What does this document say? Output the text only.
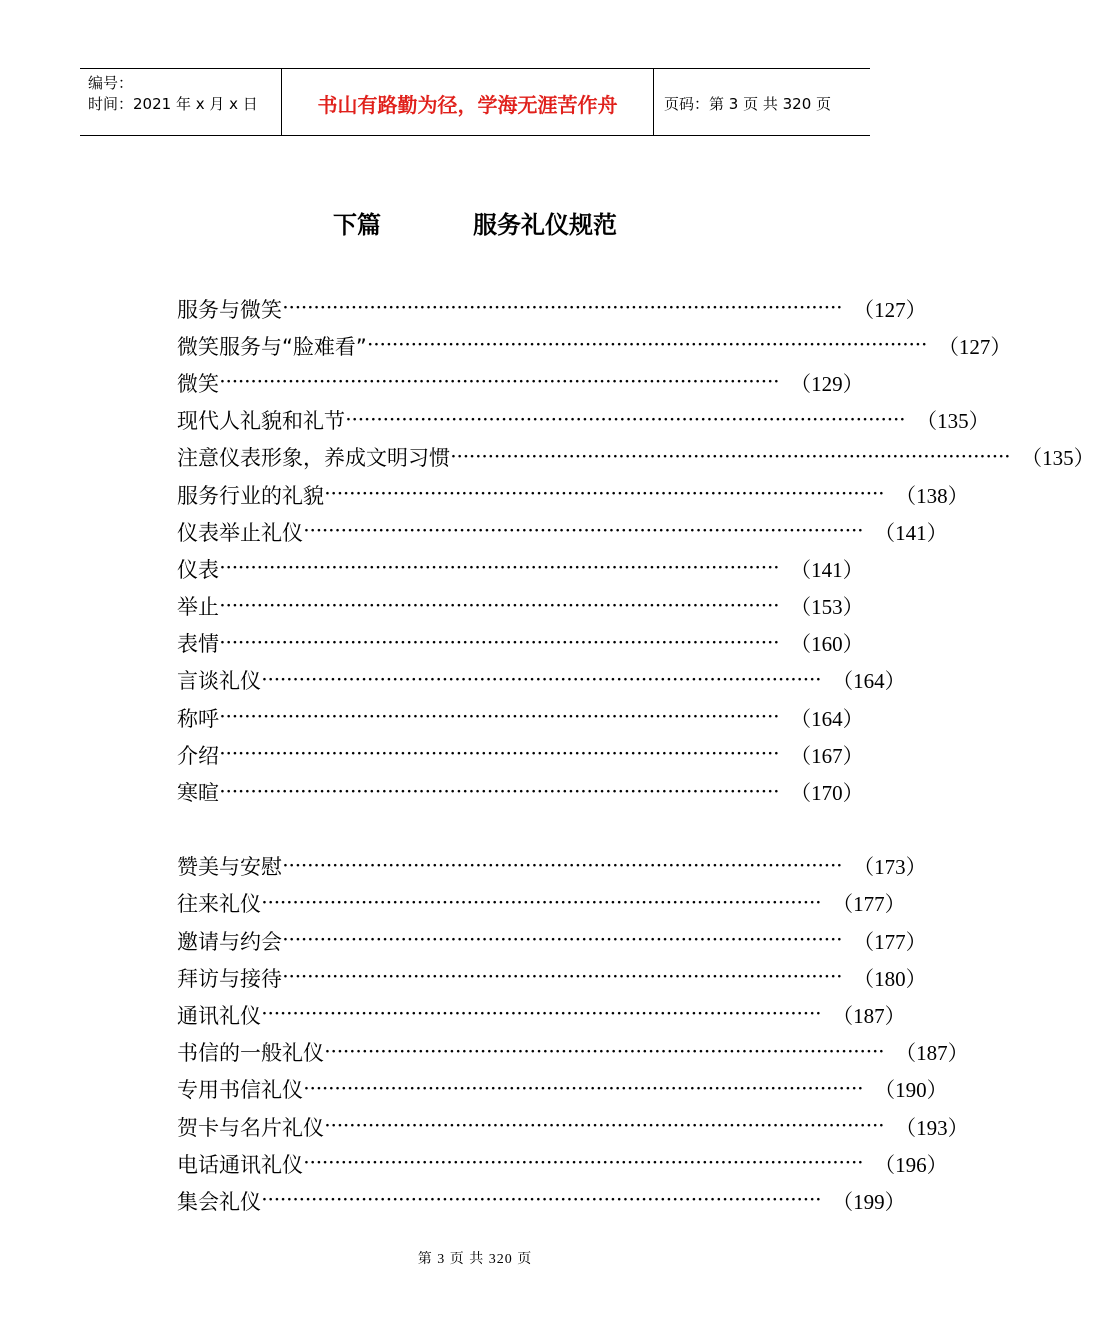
编号：
时间：2021 年 x 月 x 日	书山有路勤为径，学海无涯苦作舟	页码：第 3 页 共 320 页
下篇	服务礼仪规范
服务与微笑 ·························································································· （127）
微笑服务与“脸难看” ·························································································· （127）
微笑 ·························································································· （129）
现代人礼貌和礼节 ·························································································· （135）
注意仪表形象，养成文明习惯 ·························································································· （135）
服务行业的礼貌 ·························································································· （138）
仪表举止礼仪 ·························································································· （141）
仪表 ·························································································· （141）
举止 ·························································································· （153）
表情 ·························································································· （160）
言谈礼仪 ·························································································· （164）
称呼 ·························································································· （164）
介绍 ·························································································· （167）
寒暄 ·························································································· （170）
赞美与安慰 ·························································································· （173）
往来礼仪 ·························································································· （177）
邀请与约会 ·························································································· （177）
拜访与接待 ·························································································· （180）
通讯礼仪 ·························································································· （187）
书信的一般礼仪 ·························································································· （187）
专用书信礼仪 ·························································································· （190）
贺卡与名片礼仪 ·························································································· （193）
电话通讯礼仪 ·························································································· （196）
集会礼仪 ·························································································· （199）
第 3 页 共 320 页
